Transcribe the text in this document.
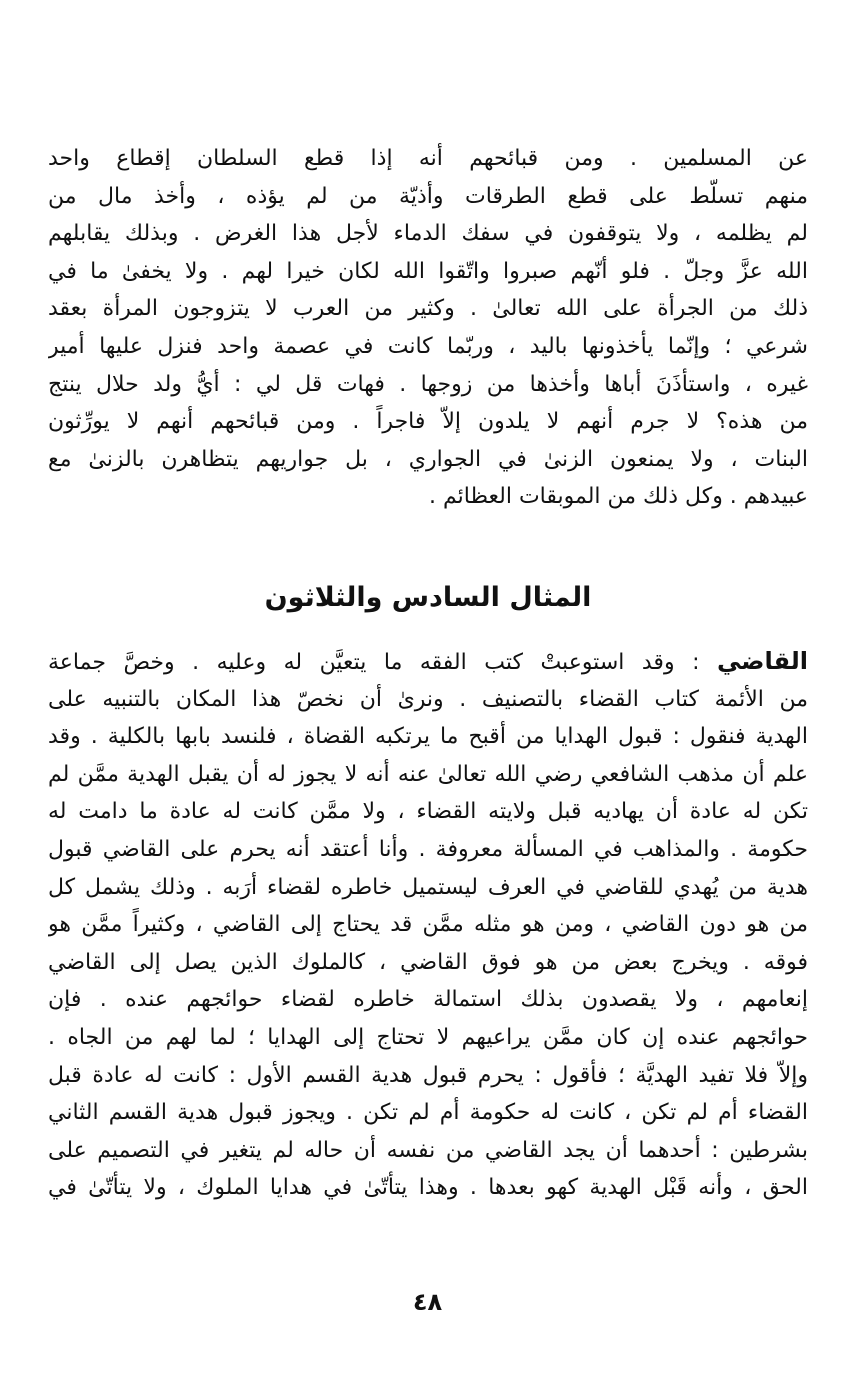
عن المسلمين . ومن قبائحهم أنه إذا قطع السلطان إقطاع واحد
منهم تسلّط على قطع الطرقات وأذيّة من لم يؤذه ، وأخذ مال من
لم يظلمه ، ولا يتوقفون في سفك الدماء لأجل هذا الغرض . وبذلك يقابلهم
الله عزَّ وجلّ . فلو أنّهم صبروا واتّقوا الله لكان خيرا لهم . ولا يخفىٰ ما في
ذلك من الجرأة على الله تعالىٰ . وكثير من العرب لا يتزوجون المرأة بعقد
شرعي ؛ وإنّما يأخذونها باليد ، وربّما كانت في عصمة واحد فنزل عليها أمير
غيره ، واستأذَنَ أباها وأخذها من زوجها . فهات قل لي : أيُّ ولد حلال ينتج
من هذه؟ لا جرم أنهم لا يلدون إلاّ فاجراً . ومن قبائحهم أنهم لا يورِّثون
البنات ، ولا يمنعون الزنىٰ في الجواري ، بل جواريهم يتظاهرن بالزنىٰ مع
عبيدهم . وكل ذلك من الموبقات العظائم .
المثال السادس والثلاثون
القاضي : وقد استوعبتْ كتب الفقه ما يتعيَّن له وعليه . وخصَّ جماعة
من الأئمة كتاب القضاء بالتصنيف . ونرىٰ أن نخصّ هذا المكان بالتنبيه على
الهدية فنقول : قبول الهدايا من أقبح ما يرتكبه القضاة ، فلنسد بابها بالكلية . وقد
علم أن مذهب الشافعي رضي الله تعالىٰ عنه أنه لا يجوز له أن يقبل الهدية ممَّن لم
تكن له عادة أن يهاديه قبل ولايته القضاء ، ولا ممَّن كانت له عادة ما دامت له
حكومة . والمذاهب في المسألة معروفة . وأنا أعتقد أنه يحرم على القاضي قبول
هدية من يُهدي للقاضي في العرف ليستميل خاطره لقضاء أرَبه . وذلك يشمل كل
من هو دون القاضي ، ومن هو مثله ممَّن قد يحتاج إلى القاضي ، وكثيراً ممَّن هو
فوقه . ويخرج بعض من هو فوق القاضي ، كالملوك الذين يصل إلى القاضي
إنعامهم ، ولا يقصدون بذلك استمالة خاطره لقضاء حوائجهم عنده . فإن
حوائجهم عنده إن كان ممَّن يراعيهم لا تحتاج إلى الهدايا ؛ لما لهم من الجاه .
وإلاّ فلا تفيد الهديَّة ؛ فأقول : يحرم قبول هدية القسم الأول : كانت له عادة قبل
القضاء أم لم تكن ، كانت له حكومة أم لم تكن . ويجوز قبول هدية القسم الثاني
بشرطين : أحدهما أن يجد القاضي من نفسه أن حاله لم يتغير في التصميم على
الحق ، وأنه قَبْل الهدية كهو بعدها . وهذا يتأتّىٰ في هدايا الملوك ، ولا يتأتّىٰ في
٤٨
